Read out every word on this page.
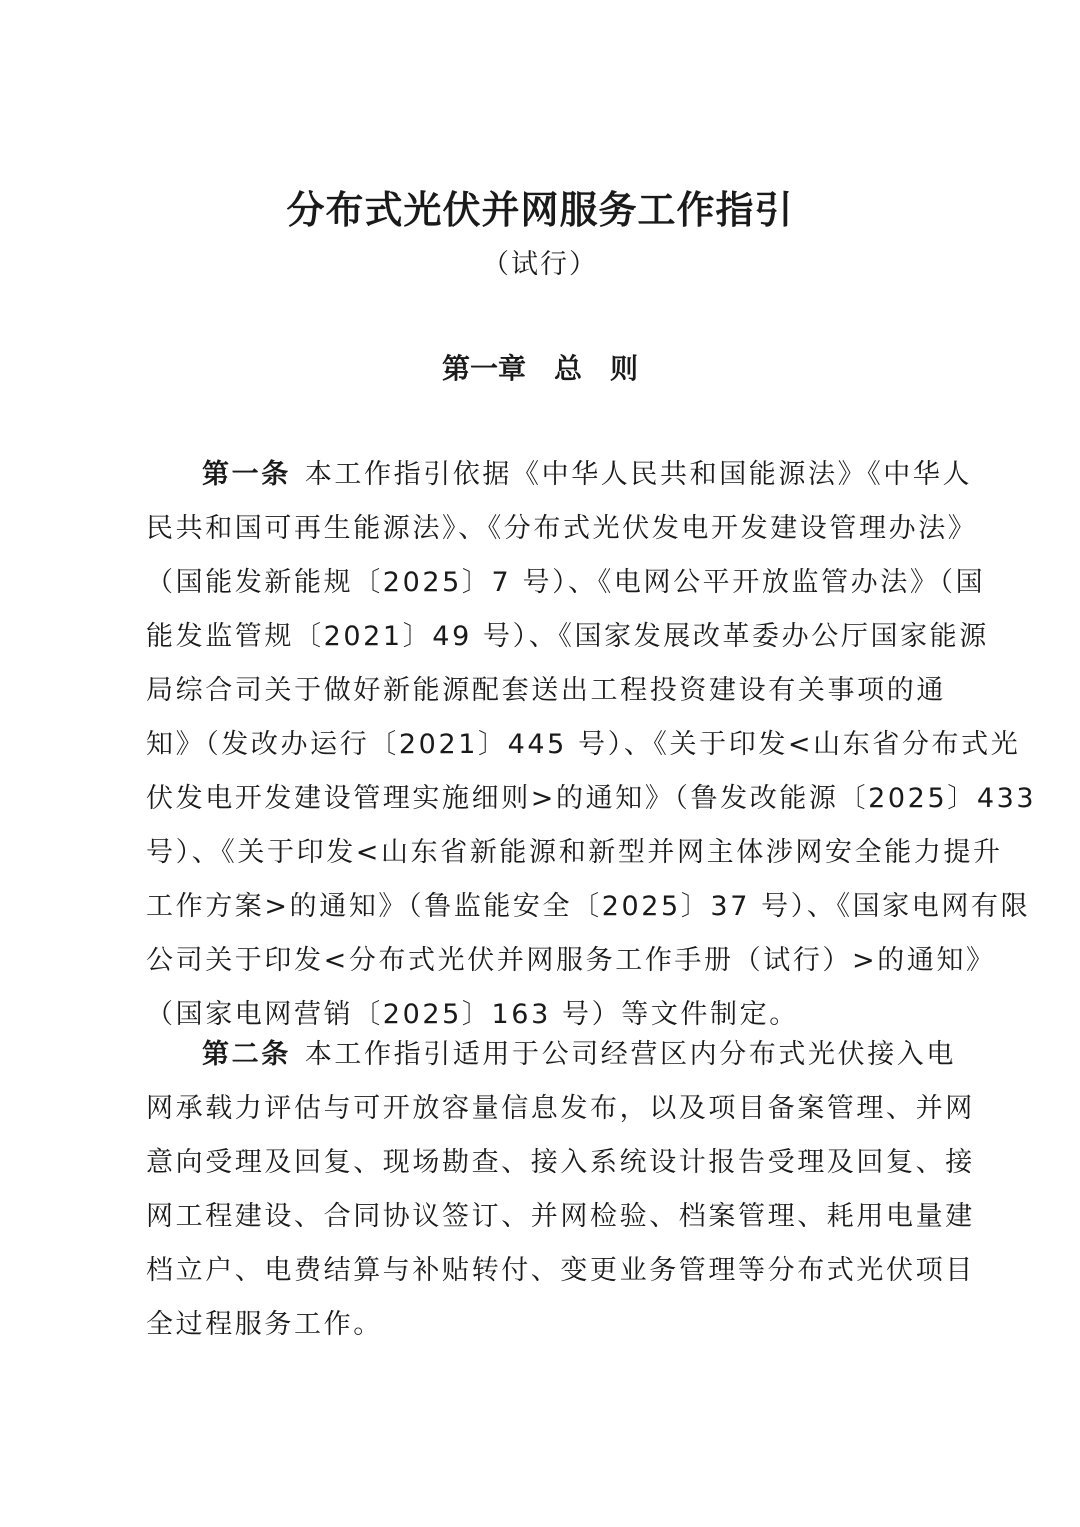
分布式光伏并网服务工作指引
（试行）
第一章　总　则
第一条 本工作指引依据《中华人民共和国能源法》《中华人
民共和国可再生能源法》、《分布式光伏发电开发建设管理办法》
（国能发新能规〔2025〕7 号）、《电网公平开放监管办法》（国
能发监管规〔2021〕49 号）、《国家发展改革委办公厅国家能源
局综合司关于做好新能源配套送出工程投资建设有关事项的通
知》（发改办运行〔2021〕445 号）、《关于印发<山东省分布式光
伏发电开发建设管理实施细则>的通知》（鲁发改能源〔2025〕433
号）、《关于印发<山东省新能源和新型并网主体涉网安全能力提升
工作方案>的通知》（鲁监能安全〔2025〕37 号）、《国家电网有限
公司关于印发<分布式光伏并网服务工作手册（试行）>的通知》
（国家电网营销〔2025〕163 号）等文件制定。
第二条 本工作指引适用于公司经营区内分布式光伏接入电
网承载力评估与可开放容量信息发布，以及项目备案管理、并网
意向受理及回复、现场勘查、接入系统设计报告受理及回复、接
网工程建设、合同协议签订、并网检验、档案管理、耗用电量建
档立户、电费结算与补贴转付、变更业务管理等分布式光伏项目
全过程服务工作。
